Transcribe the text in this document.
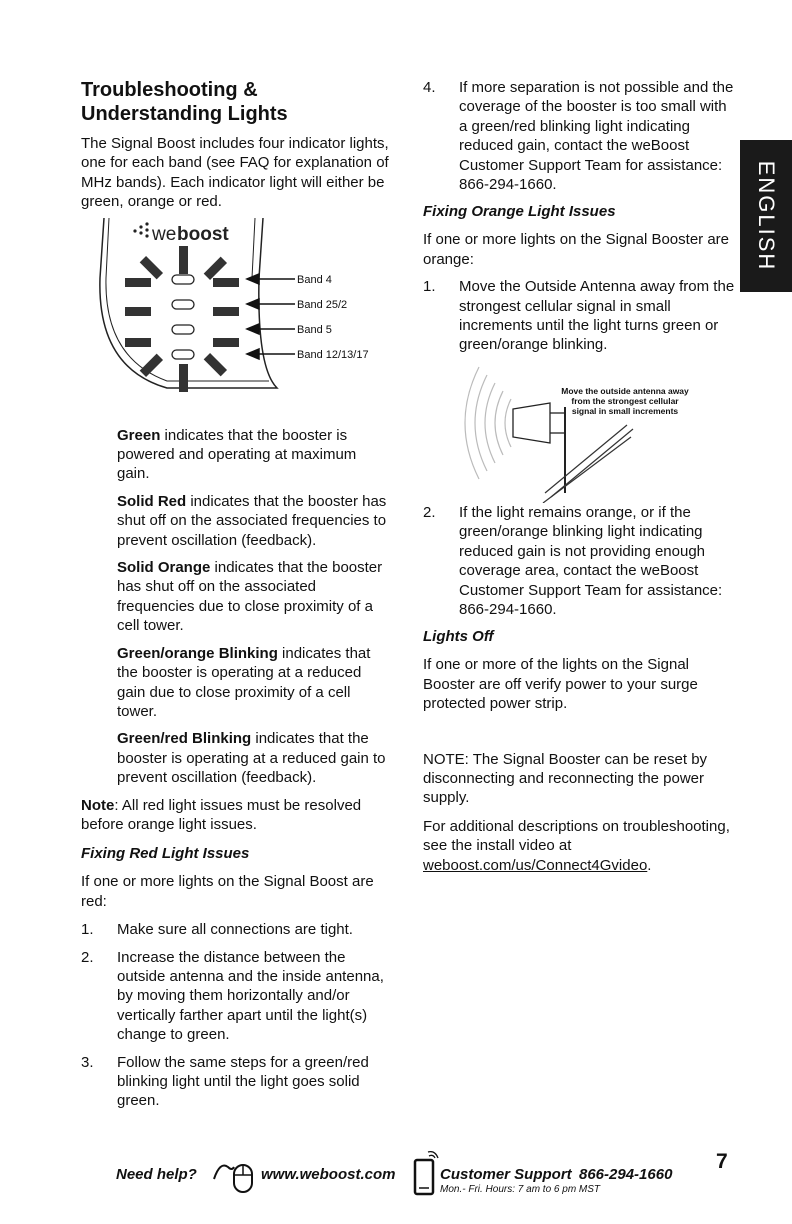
ENGLISH
Troubleshooting & Understanding Lights

The Signal Boost includes four indicator lights, one for each band (see FAQ for explanation of MHz bands). Each indicator light will either be green, orange or red.

we boost
Band 4
Band 25/2
Band 5
Band 12/13/17

Green indicates that the booster is powered and operating at maximum gain.

Solid Red indicates that the booster has shut off on the associated frequencies to prevent oscillation (feedback).

Solid Orange indicates that the booster has shut off on the associated frequencies due to close proximity of a cell tower.

Green/orange Blinking indicates that the booster is operating at a reduced gain due to close proximity of a cell tower.

Green/red Blinking indicates that the booster is operating at a reduced gain to prevent oscillation (feedback).

Note: All red light issues must be resolved before orange light issues.

Fixing Red Light Issues

If one or more lights on the Signal Boost are red:

1. Make sure all connections are tight.
2. Increase the distance between the outside antenna and the inside antenna, by moving them horizontally and/or vertically farther apart until the light(s) change to green.
3. Follow the same steps for a green/red blinking light until the light goes solid green.
4. If more separation is not possible and the coverage of the booster is too small with a green/red blinking light indicating reduced gain, contact the weBoost Customer Support Team for assistance: 866-294-1660.

Fixing Orange Light Issues

If one or more lights on the Signal Booster are orange:

1. Move the Outside Antenna away from the strongest cellular signal in small increments until the light turns green or green/orange blinking.
Move the outside antenna away from the strongest cellular signal in small increments
2. If the light remains orange, or if the green/orange blinking light indicating reduced gain is not providing enough coverage area, contact the weBoost Customer Support Team for assistance: 866-294-1660.

Lights Off

If one or more of the lights on the Signal Booster are off verify power to your surge protected power strip.

NOTE: The Signal Booster can be reset by disconnecting and reconnecting the power supply.

For additional descriptions on troubleshooting, see the install video at weboost.com/us/Connect4Gvideo.

Need help?	www.weboost.com	Customer Support 866-294-1660
Mon.- Fri. Hours: 7 am to 6 pm MST
7
